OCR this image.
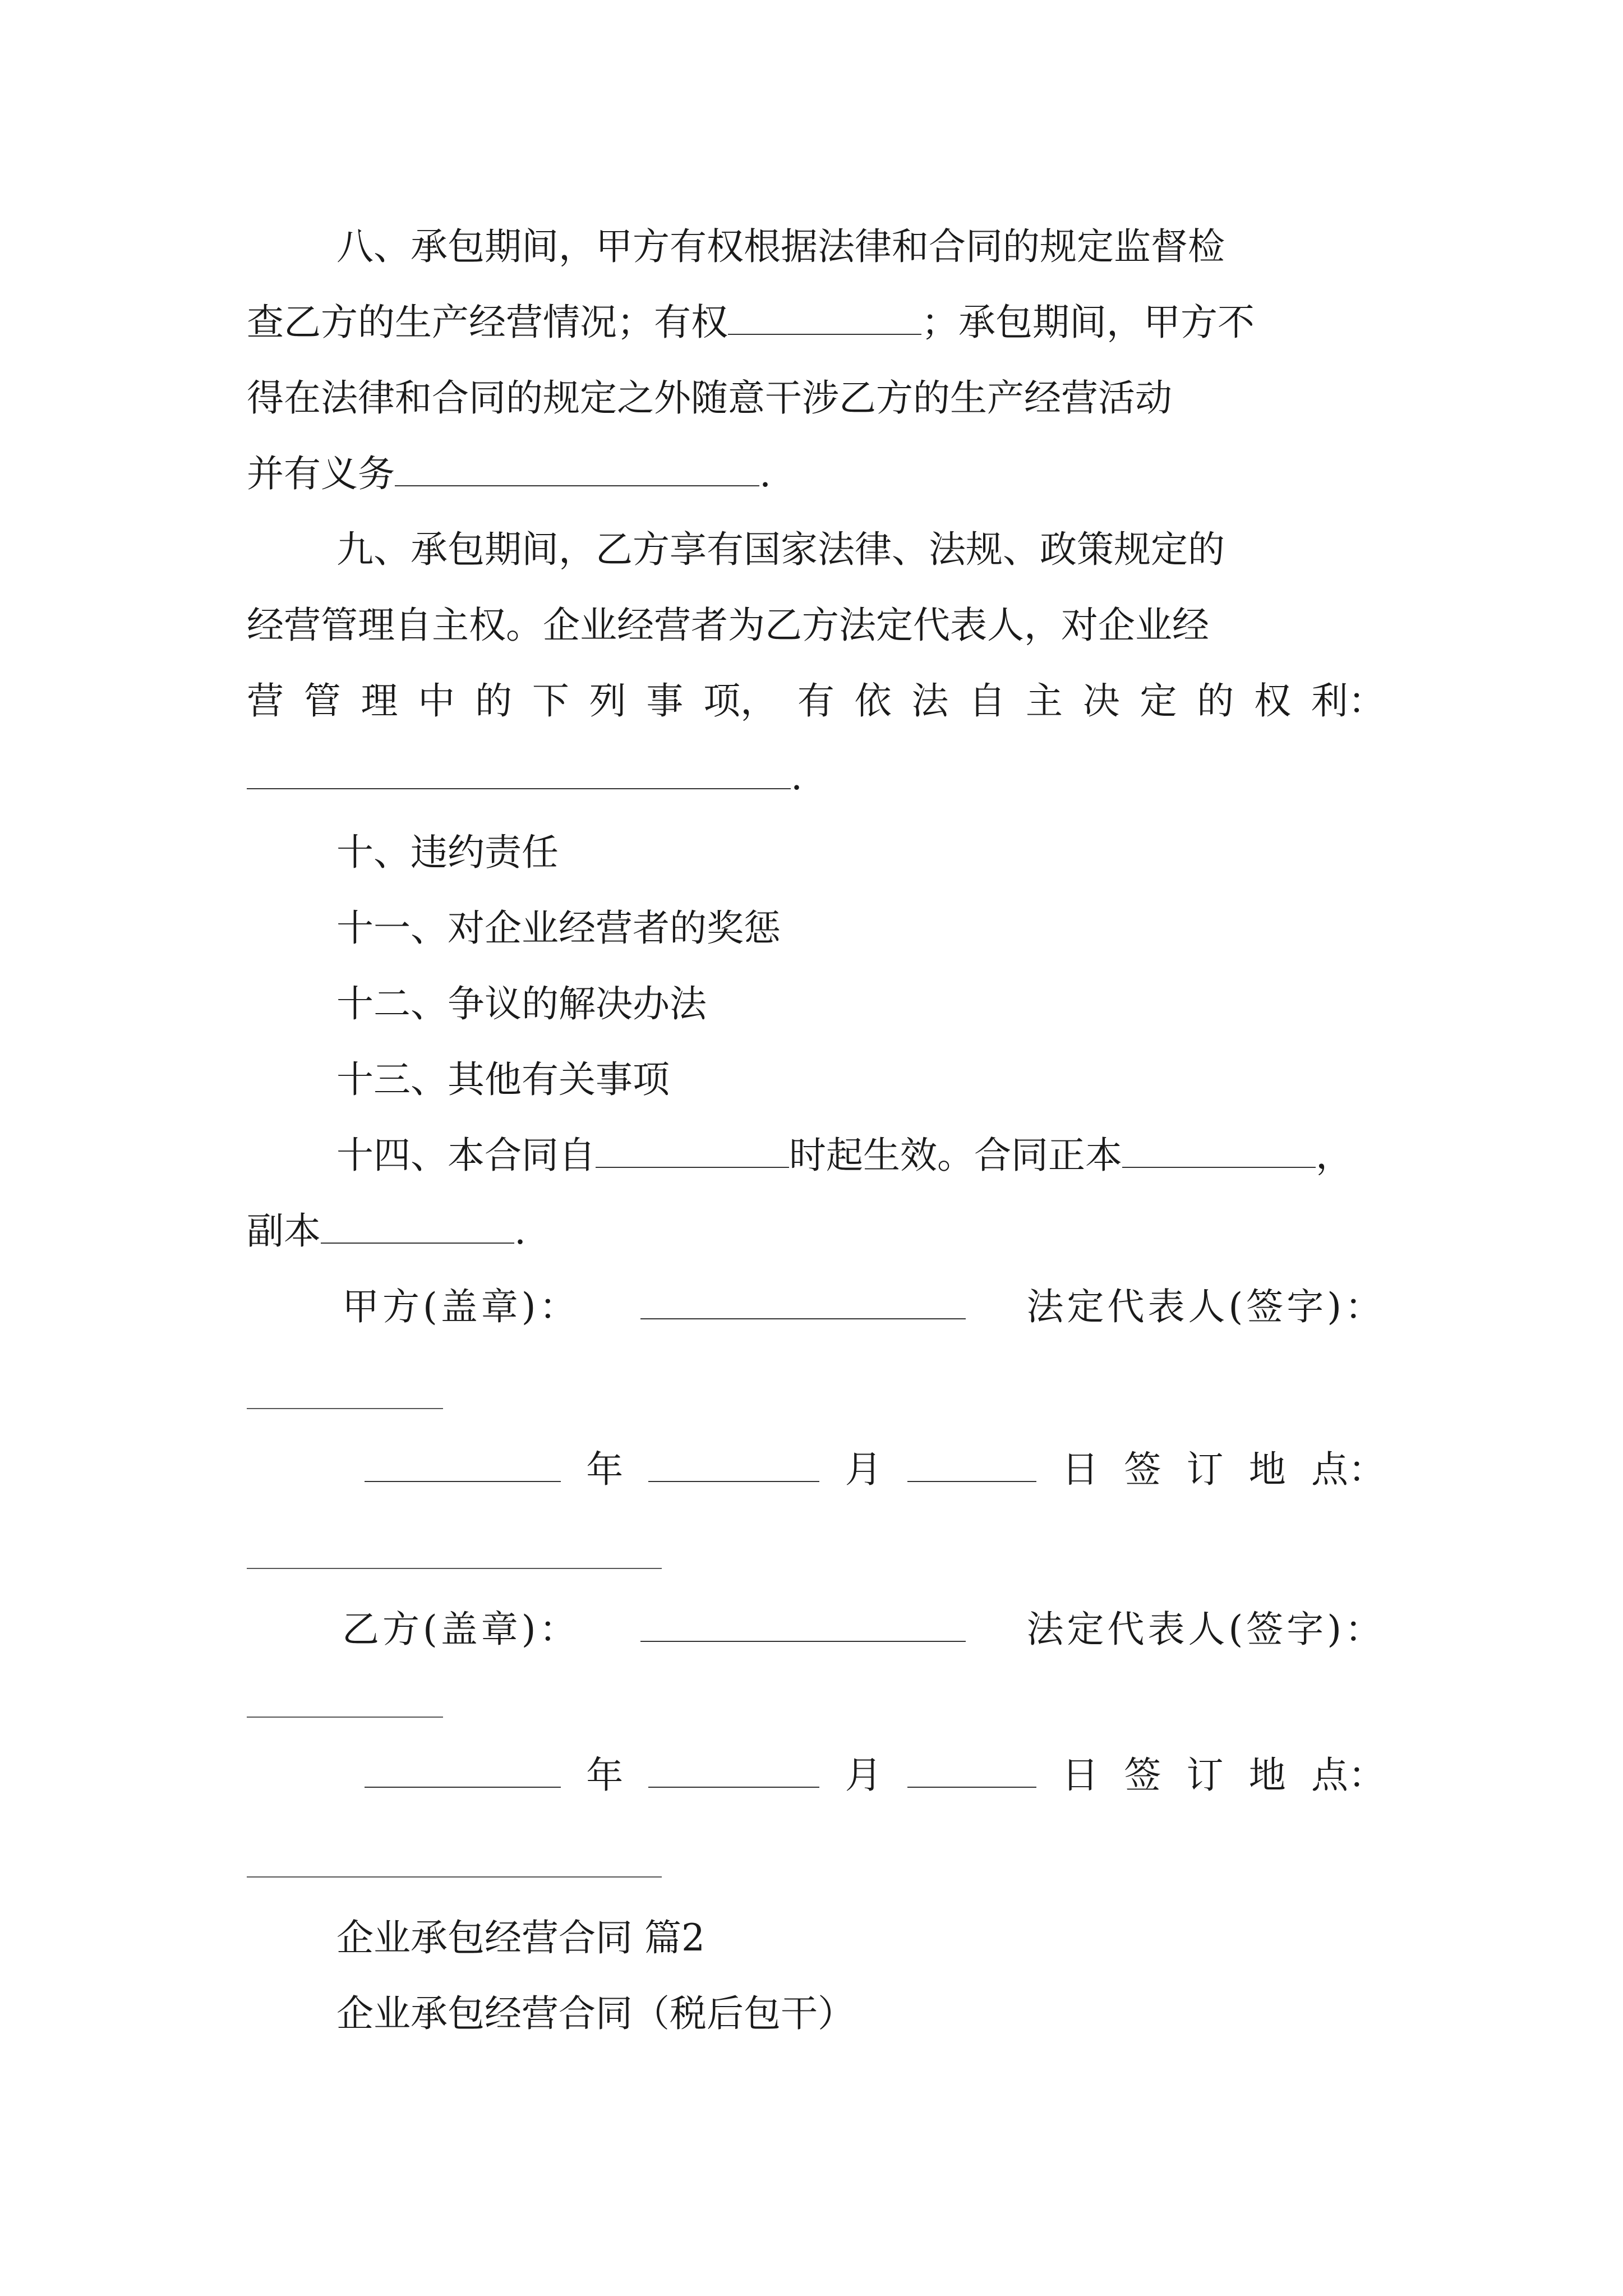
八、承包期间，甲方有权根据法律和合同的规定监督检
查乙方的生产经营情况；有权	；承包期间，甲方不
得在法律和合同的规定之外随意干涉乙方的生产经营活动
并有义务	.
九、承包期间，乙方享有国家法律、法规、政策规定的
经营管理自主权。企业经营者为乙方法定代表人，对企业经
营 管 理 中 的 下 列 事 项， 有 依 法 自 主 决 定 的 权 利：
.
十、违约责任
十一、对企业经营者的奖惩
十二、争议的解决办法
十三、其他有关事项
十四、本合同自	时起生效。合同正本	，
副本	.
甲方(盖章)：	法定代表人(签字)：
年	月	日 签 订 地 点：
乙方(盖章)：	法定代表人(签字)：
年	月	日 签 订 地 点：
企业承包经营合同 篇2
企业承包经营合同（税后包干）
